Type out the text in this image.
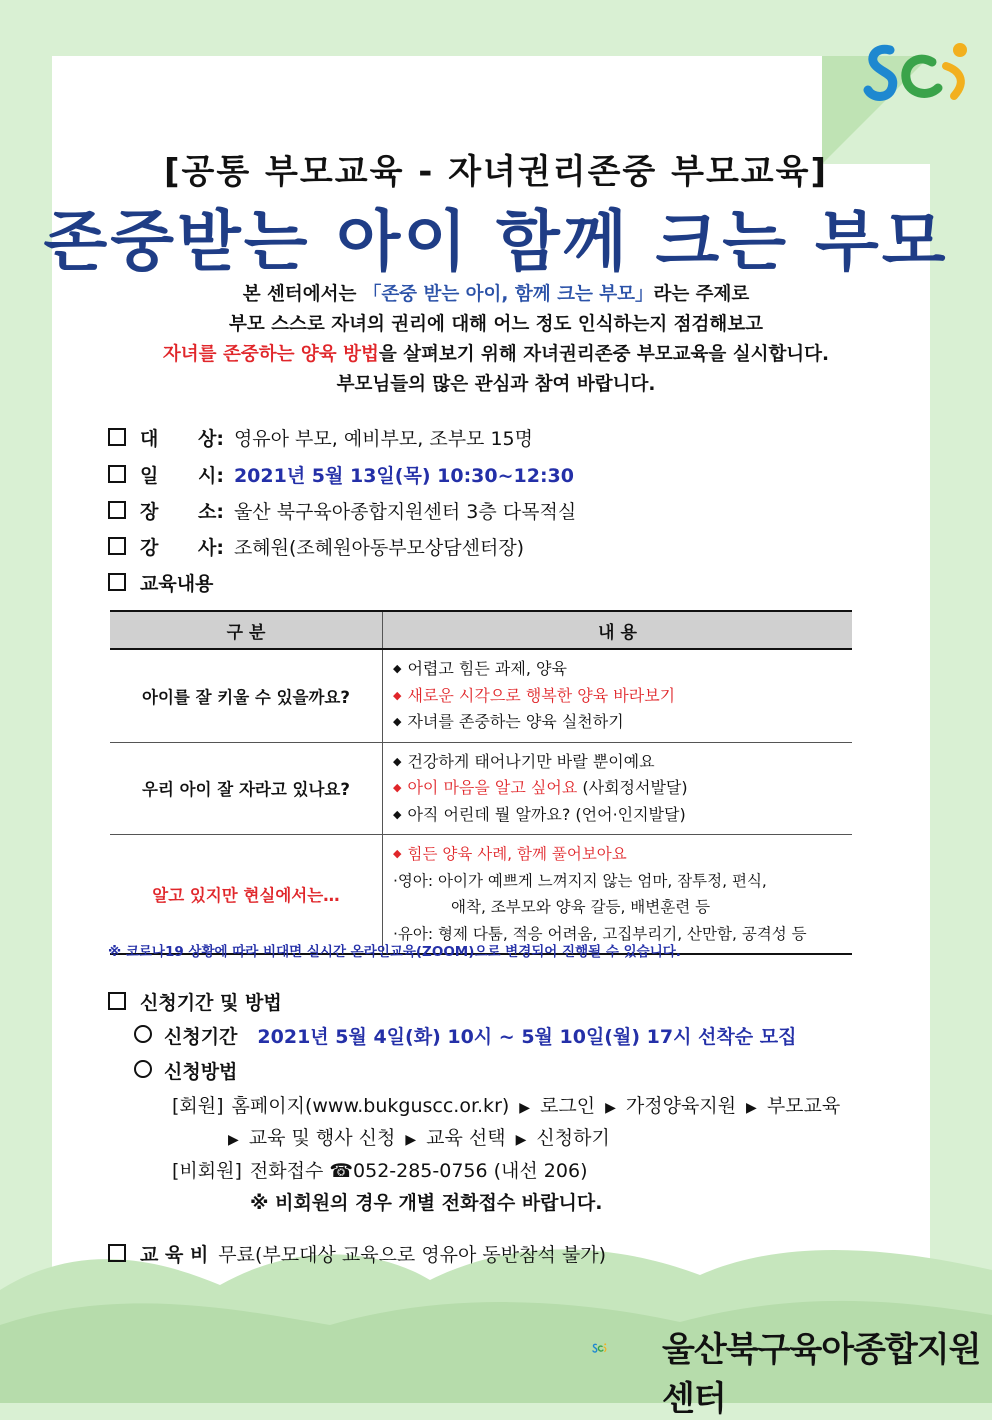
[공통 부모교육 - 자녀권리존중 부모교육]
존중받는 아이 함께 크는 부모
본 센터에서는 「존중 받는 아이, 함께 크는 부모」라는 주제로
부모 스스로 자녀의 권리에 대해 어느 정도 인식하는지 점검해보고
자녀를 존중하는 양육 방법을 살펴보기 위해 자녀권리존중 부모교육을 실시합니다.
부모님들의 많은 관심과 참여 바랍니다.
대 상: 영유아 부모, 예비부모, 조부모 15명
일 시: 2021년 5월 13일(목) 10:30~12:30
장 소: 울산 북구육아종합지원센터 3층 다목적실
강 사: 조혜원(조혜원아동부모상담센터장)
교육내용
구 분	내 용
아이를 잘 키울 수 있을까요?	◆ 어렵고 힘든 과제, 양육
◆ 새로운 시각으로 행복한 양육 바라보기
◆ 자녀를 존중하는 양육 실천하기

우리 아이 잘 자라고 있나요?	◆ 건강하게 태어나기만 바랄 뿐이예요
◆ 아이 마음을 알고 싶어요 (사회정서발달)
◆ 아직 어린데 뭘 알까요? (언어·인지발달)

알고 있지만 현실에서는…	◆ 힘든 양육 사례, 함께 풀어보아요
·영아: 아이가 예쁘게 느껴지지 않는 엄마, 잠투정, 편식,
애착, 조부모와 양육 갈등, 배변훈련 등
·유아: 형제 다툼, 적응 어려움, 고집부리기, 산만함, 공격성 등
※ 코로나19 상황에 따라 비대면 실시간 온라인교육(ZOOM)으로 변경되어 진행될 수 있습니다.
신청기간 및 방법
신청기간 2021년 5월 4일(화) 10시 ~ 5월 10일(월) 17시 선착순 모집
신청방법
[회원] 홈페이지(www.bukguscc.or.kr) ▶ 로그인 ▶ 가정양육지원 ▶ 부모교육
▶ 교육 및 행사 신청 ▶ 교육 선택 ▶ 신청하기
[비회원] 전화접수 ☎052-285-0756 (내선 206)
※ 비회원의 경우 개별 전화접수 바랍니다.
교 육 비 무료(부모대상 교육으로 영유아 동반참석 불가)
울산북구육아종합지원센터
